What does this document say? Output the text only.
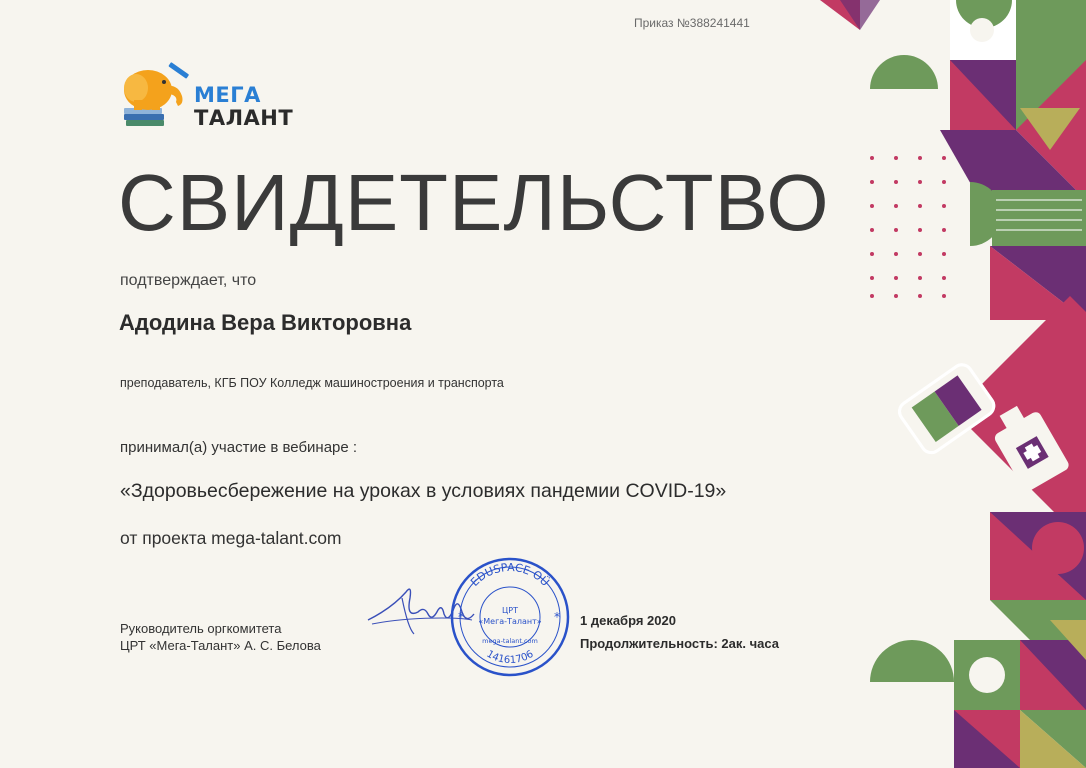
Приказ №388241441
МЕГА
ТАЛАНТ
СВИДЕТЕЛЬСТВО
подтверждает, что
Адодина Вера Викторовна
преподаватель, КГБ ПОУ Колледж машиностроения и транспорта
принимал(а) участие в вебинаре :
«Здоровьесбережение на уроках в условиях пандемии COVID-19»
от проекта mega-talant.com
Руководитель оргкомитета
ЦРТ «Мега-Талант» А. С. Белова
EDUSPACE OÜ
ЦРТ
«Мега-Талант»
mega-talant.com
14161706
*	* 1 декабря 2020
Продолжительность: 2ак. часа
